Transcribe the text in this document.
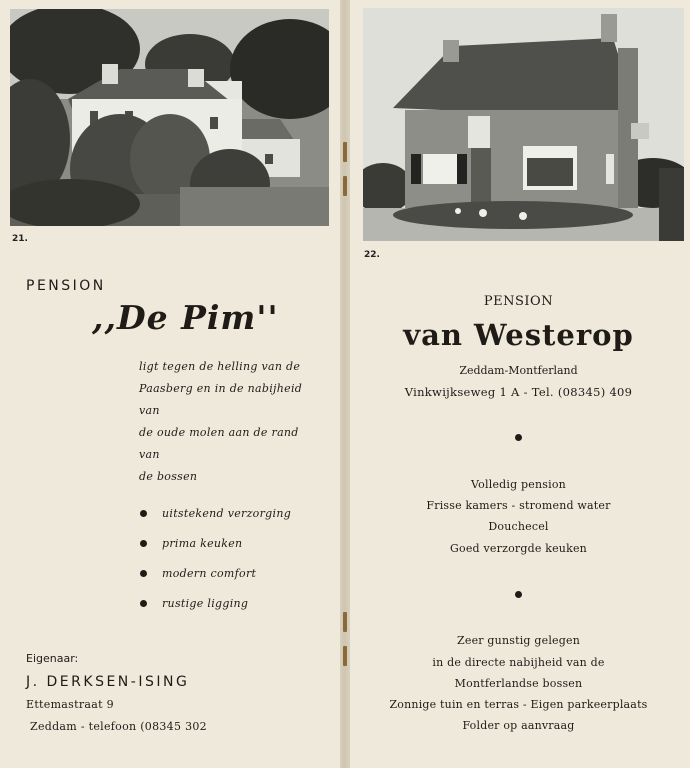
21.
22.
PENSION
,,De Pim''
ligt tegen de helling van de
Paasberg en in de nabijheid van
de oude molen aan de rand van
de bossen
uitstekend verzorging
prima keuken
modern comfort
rustige ligging
Eigenaar:
J. DERKSEN-ISING
Ettemastraat 9
Zeddam - telefoon (08345 302
PENSION
van Westerop
Zeddam-Montferland
Vinkwijkseweg 1 A - Tel. (08345) 409
Volledig pension
Frisse kamers - stromend water
Douchecel
Goed verzorgde keuken
Zeer gunstig gelegen
in de directe nabijheid van de
Montferlandse bossen
Zonnige tuin en terras - Eigen parkeerplaats
Folder op aanvraag
